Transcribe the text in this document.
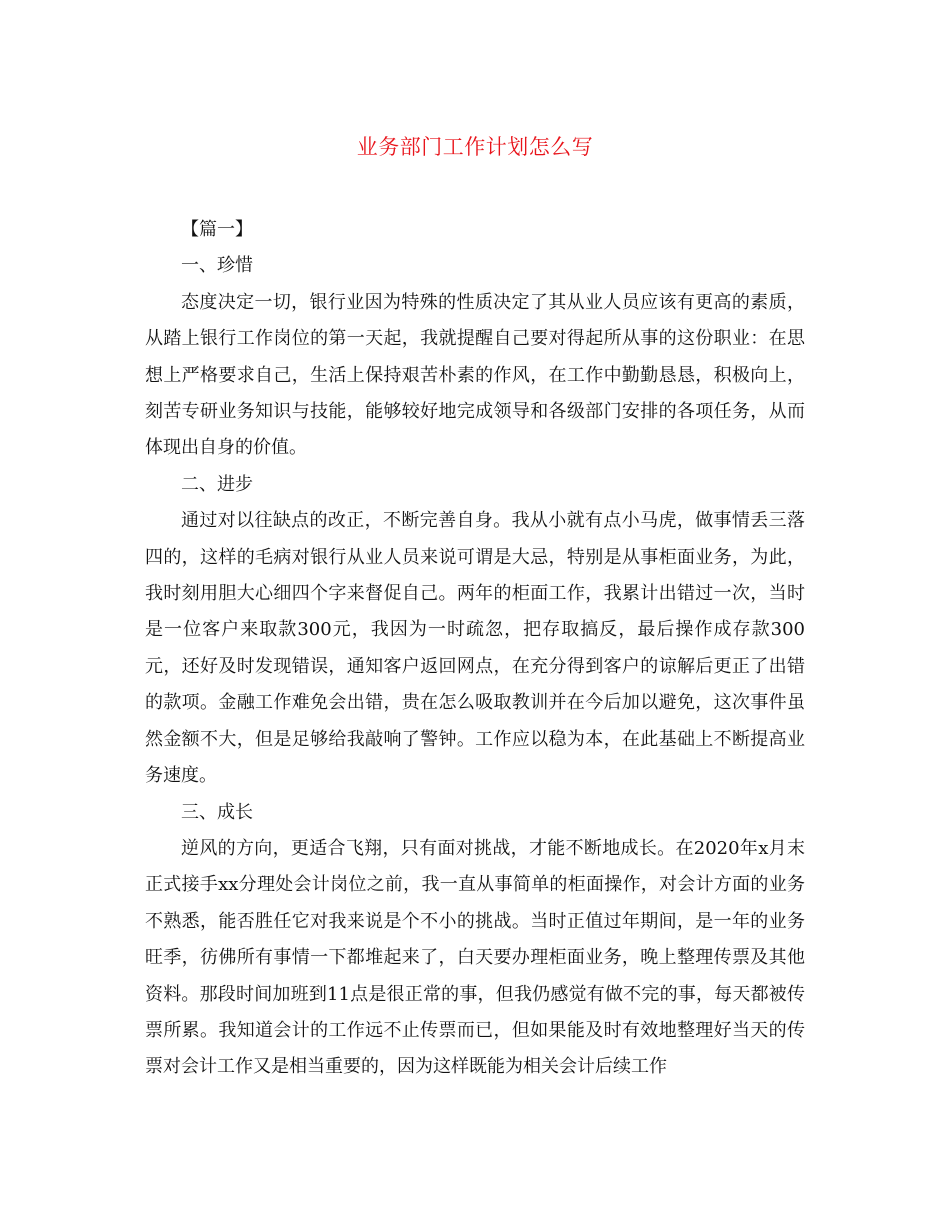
业务部门工作计划怎么写

【篇一】

一、珍惜

态度决定一切，银行业因为特殊的性质决定了其从业人员应该有更高的素质，从踏上银行工作岗位的第一天起，我就提醒自己要对得起所从事的这份职业：在思想上严格要求自己，生活上保持艰苦朴素的作风，在工作中勤勤恳恳，积极向上，刻苦专研业务知识与技能，能够较好地完成领导和各级部门安排的各项任务，从而体现出自身的价值。

二、进步

通过对以往缺点的改正，不断完善自身。我从小就有点小马虎，做事情丢三落四的，这样的毛病对银行从业人员来说可谓是大忌，特别是从事柜面业务，为此，我时刻用胆大心细四个字来督促自己。两年的柜面工作，我累计出错过一次，当时是一位客户来取款300元，我因为一时疏忽，把存取搞反，最后操作成存款300元，还好及时发现错误，通知客户返回网点，在充分得到客户的谅解后更正了出错的款项。金融工作难免会出错，贵在怎么吸取教训并在今后加以避免，这次事件虽然金额不大，但是足够给我敲响了警钟。工作应以稳为本，在此基础上不断提高业务速度。

三、成长

逆风的方向，更适合飞翔，只有面对挑战，才能不断地成长。在2020年x月末正式接手xx分理处会计岗位之前，我一直从事简单的柜面操作，对会计方面的业务不熟悉，能否胜任它对我来说是个不小的挑战。当时正值过年期间，是一年的业务旺季，彷佛所有事情一下都堆起来了，白天要办理柜面业务，晚上整理传票及其他资料。那段时间加班到11点是很正常的事，但我仍感觉有做不完的事，每天都被传票所累。我知道会计的工作远不止传票而已，但如果能及时有效地整理好当天的传票对会计工作又是相当重要的，因为这样既能为相关会计后续工作
